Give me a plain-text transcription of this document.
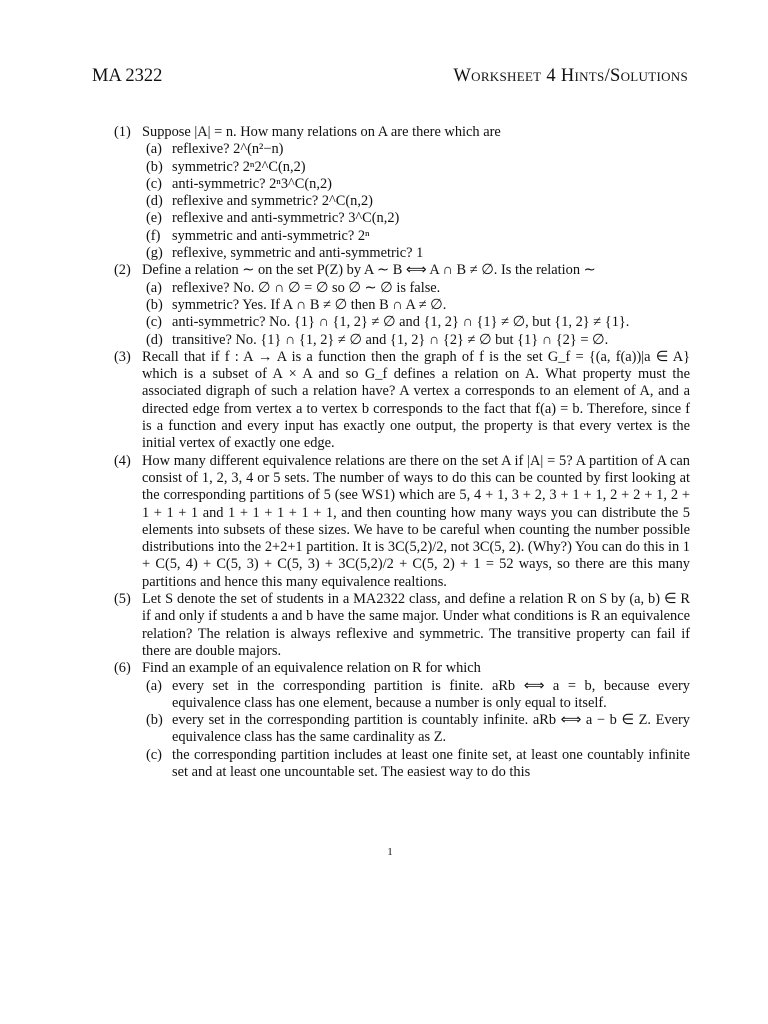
MA 2322	Worksheet 4 Hints/Solutions
(1) Suppose |A| = n. How many relations on A are there which are

(a) reflexive? 2^(n²−n)

(b) symmetric? 2ⁿ2^C(n,2)

(c) anti-symmetric? 2ⁿ3^C(n,2)

(d) reflexive and symmetric? 2^C(n,2)

(e) reflexive and anti-symmetric? 3^C(n,2)

(f) symmetric and anti-symmetric? 2ⁿ

(g) reflexive, symmetric and anti-symmetric? 1

(2) Define a relation ∼ on the set P(Z) by A ∼ B ⟺ A ∩ B ≠ ∅. Is the relation ∼

(a) reflexive? No. ∅ ∩ ∅ = ∅ so ∅ ∼ ∅ is false.

(b) symmetric? Yes. If A ∩ B ≠ ∅ then B ∩ A ≠ ∅.

(c) anti-symmetric? No. {1} ∩ {1, 2} ≠ ∅ and {1, 2} ∩ {1} ≠ ∅, but {1, 2} ≠ {1}.

(d) transitive? No. {1} ∩ {1, 2} ≠ ∅ and {1, 2} ∩ {2} ≠ ∅ but {1} ∩ {2} = ∅.

(3) Recall that if f : A → A is a function then the graph of f is the set G_f = {(a, f(a))|a ∈ A} which is a subset of A × A and so G_f defines a relation on A. What property must the associated digraph of such a relation have? A vertex a corresponds to an element of A, and a directed edge from vertex a to vertex b corresponds to the fact that f(a) = b. Therefore, since f is a function and every input has exactly one output, the property is that every vertex is the initial vertex of exactly one edge.

(4) How many different equivalence relations are there on the set A if |A| = 5? A partition of A can consist of 1, 2, 3, 4 or 5 sets. The number of ways to do this can be counted by first looking at the corresponding partitions of 5 (see WS1) which are 5, 4 + 1, 3 + 2, 3 + 1 + 1, 2 + 2 + 1, 2 + 1 + 1 + 1 and 1 + 1 + 1 + 1 + 1, and then counting how many ways you can distribute the 5 elements into subsets of these sizes. We have to be careful when counting the number possible distributions into the 2+2+1 partition. It is 3C(5,2)/2, not 3C(5, 2). (Why?) You can do this in 1 + C(5, 4) + C(5, 3) + C(5, 3) + 3C(5,2)/2 + C(5, 2) + 1 = 52 ways, so there are this many partitions and hence this many equivalence realtions.

(5) Let S denote the set of students in a MA2322 class, and define a relation R on S by (a, b) ∈ R if and only if students a and b have the same major. Under what conditions is R an equivalence relation? The relation is always reflexive and symmetric. The transitive property can fail if there are double majors.

(6) Find an example of an equivalence relation on R for which

(a) every set in the corresponding partition is finite. aRb ⟺ a = b, because every equivalence class has one element, because a number is only equal to itself.

(b) every set in the corresponding partition is countably infinite. aRb ⟺ a − b ∈ Z. Every equivalence class has the same cardinality as Z.

(c) the corresponding partition includes at least one finite set, at least one countably infinite set and at least one uncountable set. The easiest way to do this

1
